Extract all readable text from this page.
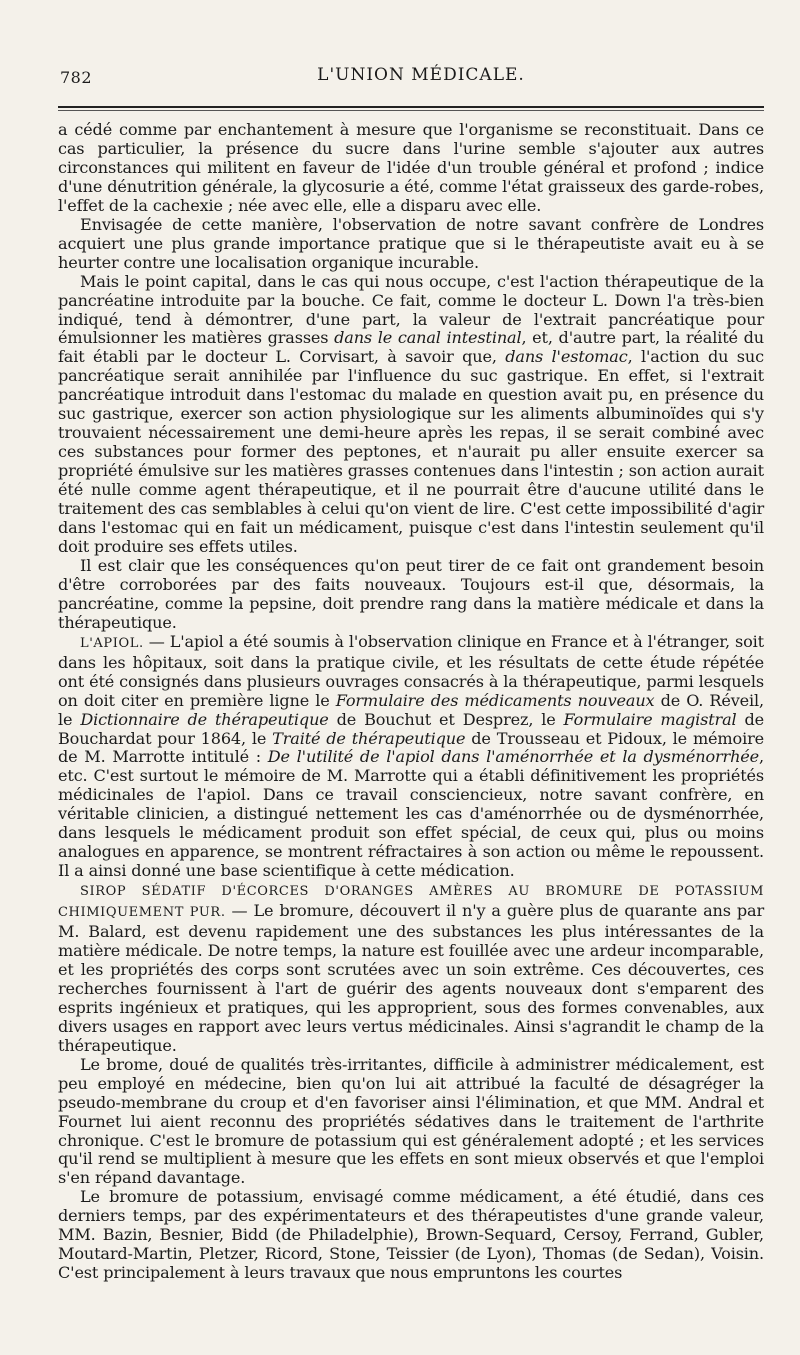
782	L'UNION MÉDICALE.

a cédé comme par enchantement à mesure que l'organisme se reconstituait. Dans ce cas particulier, la présence du sucre dans l'urine semble s'ajouter aux autres circonstances qui militent en faveur de l'idée d'un trouble général et profond ; indice d'une dénutrition générale, la glycosurie a été, comme l'état graisseux des garde-robes, l'effet de la cachexie ; née avec elle, elle a disparu avec elle.

Envisagée de cette manière, l'observation de notre savant confrère de Londres acquiert une plus grande importance pratique que si le thérapeutiste avait eu à se heurter contre une localisation organique incurable.

Mais le point capital, dans le cas qui nous occupe, c'est l'action thérapeutique de la pancréatine introduite par la bouche. Ce fait, comme le docteur L. Down l'a très-bien indiqué, tend à démontrer, d'une part, la valeur de l'extrait pancréatique pour émulsionner les matières grasses dans le canal intestinal, et, d'autre part, la réalité du fait établi par le docteur L. Corvisart, à savoir que, dans l'estomac, l'action du suc pancréatique serait annihilée par l'influence du suc gastrique. En effet, si l'extrait pancréatique introduit dans l'estomac du malade en question avait pu, en présence du suc gastrique, exercer son action physiologique sur les aliments albuminoïdes qui s'y trouvaient nécessairement une demi-heure après les repas, il se serait combiné avec ces substances pour former des peptones, et n'aurait pu aller ensuite exercer sa propriété émulsive sur les matières grasses contenues dans l'intestin ; son action aurait été nulle comme agent thérapeutique, et il ne pourrait être d'aucune utilité dans le traitement des cas semblables à celui qu'on vient de lire. C'est cette impossibilité d'agir dans l'estomac qui en fait un médicament, puisque c'est dans l'intestin seulement qu'il doit produire ses effets utiles.

Il est clair que les conséquences qu'on peut tirer de ce fait ont grandement besoin d'être corroborées par des faits nouveaux. Toujours est-il que, désormais, la pancréatine, comme la pepsine, doit prendre rang dans la matière médicale et dans la thérapeutique.

L'APIOL. — L'apiol a été soumis à l'observation clinique en France et à l'étranger, soit dans les hôpitaux, soit dans la pratique civile, et les résultats de cette étude répétée ont été consignés dans plusieurs ouvrages consacrés à la thérapeutique, parmi lesquels on doit citer en première ligne le Formulaire des médicaments nouveaux de O. Réveil, le Dictionnaire de thérapeutique de Bouchut et Desprez, le Formulaire magistral de Bouchardat pour 1864, le Traité de thérapeutique de Trousseau et Pidoux, le mémoire de M. Marrotte intitulé : De l'utilité de l'apiol dans l'aménorrhée et la dysménorrhée, etc. C'est surtout le mémoire de M. Marrotte qui a établi définitivement les propriétés médicinales de l'apiol. Dans ce travail consciencieux, notre savant confrère, en véritable clinicien, a distingué nettement les cas d'aménorrhée ou de dysménorrhée, dans lesquels le médicament produit son effet spécial, de ceux qui, plus ou moins analogues en apparence, se montrent réfractaires à son action ou même le repoussent. Il a ainsi donné une base scientifique à cette médication.

SIROP SÉDATIF D'ÉCORCES D'ORANGES AMÈRES AU BROMURE DE POTASSIUM CHIMIQUEMENT PUR. — Le bromure, découvert il n'y a guère plus de quarante ans par M. Balard, est devenu rapidement une des substances les plus intéressantes de la matière médicale. De notre temps, la nature est fouillée avec une ardeur incomparable, et les propriétés des corps sont scrutées avec un soin extrême. Ces découvertes, ces recherches fournissent à l'art de guérir des agents nouveaux dont s'emparent des esprits ingénieux et pratiques, qui les approprient, sous des formes convenables, aux divers usages en rapport avec leurs vertus médicinales. Ainsi s'agrandit le champ de la thérapeutique.

Le brome, doué de qualités très-irritantes, difficile à administrer médicalement, est peu employé en médecine, bien qu'on lui ait attribué la faculté de désagréger la pseudo-membrane du croup et d'en favoriser ainsi l'élimination, et que MM. Andral et Fournet lui aient reconnu des propriétés sédatives dans le traitement de l'arthrite chronique. C'est le bromure de potassium qui est généralement adopté ; et les services qu'il rend se multiplient à mesure que les effets en sont mieux observés et que l'emploi s'en répand davantage.

Le bromure de potassium, envisagé comme médicament, a été étudié, dans ces derniers temps, par des expérimentateurs et des thérapeutistes d'une grande valeur, MM. Bazin, Besnier, Bidd (de Philadelphie), Brown-Sequard, Cersoy, Ferrand, Gubler, Moutard-Martin, Pletzer, Ricord, Stone, Teissier (de Lyon), Thomas (de Sedan), Voisin. C'est principalement à leurs travaux que nous empruntons les courtes
